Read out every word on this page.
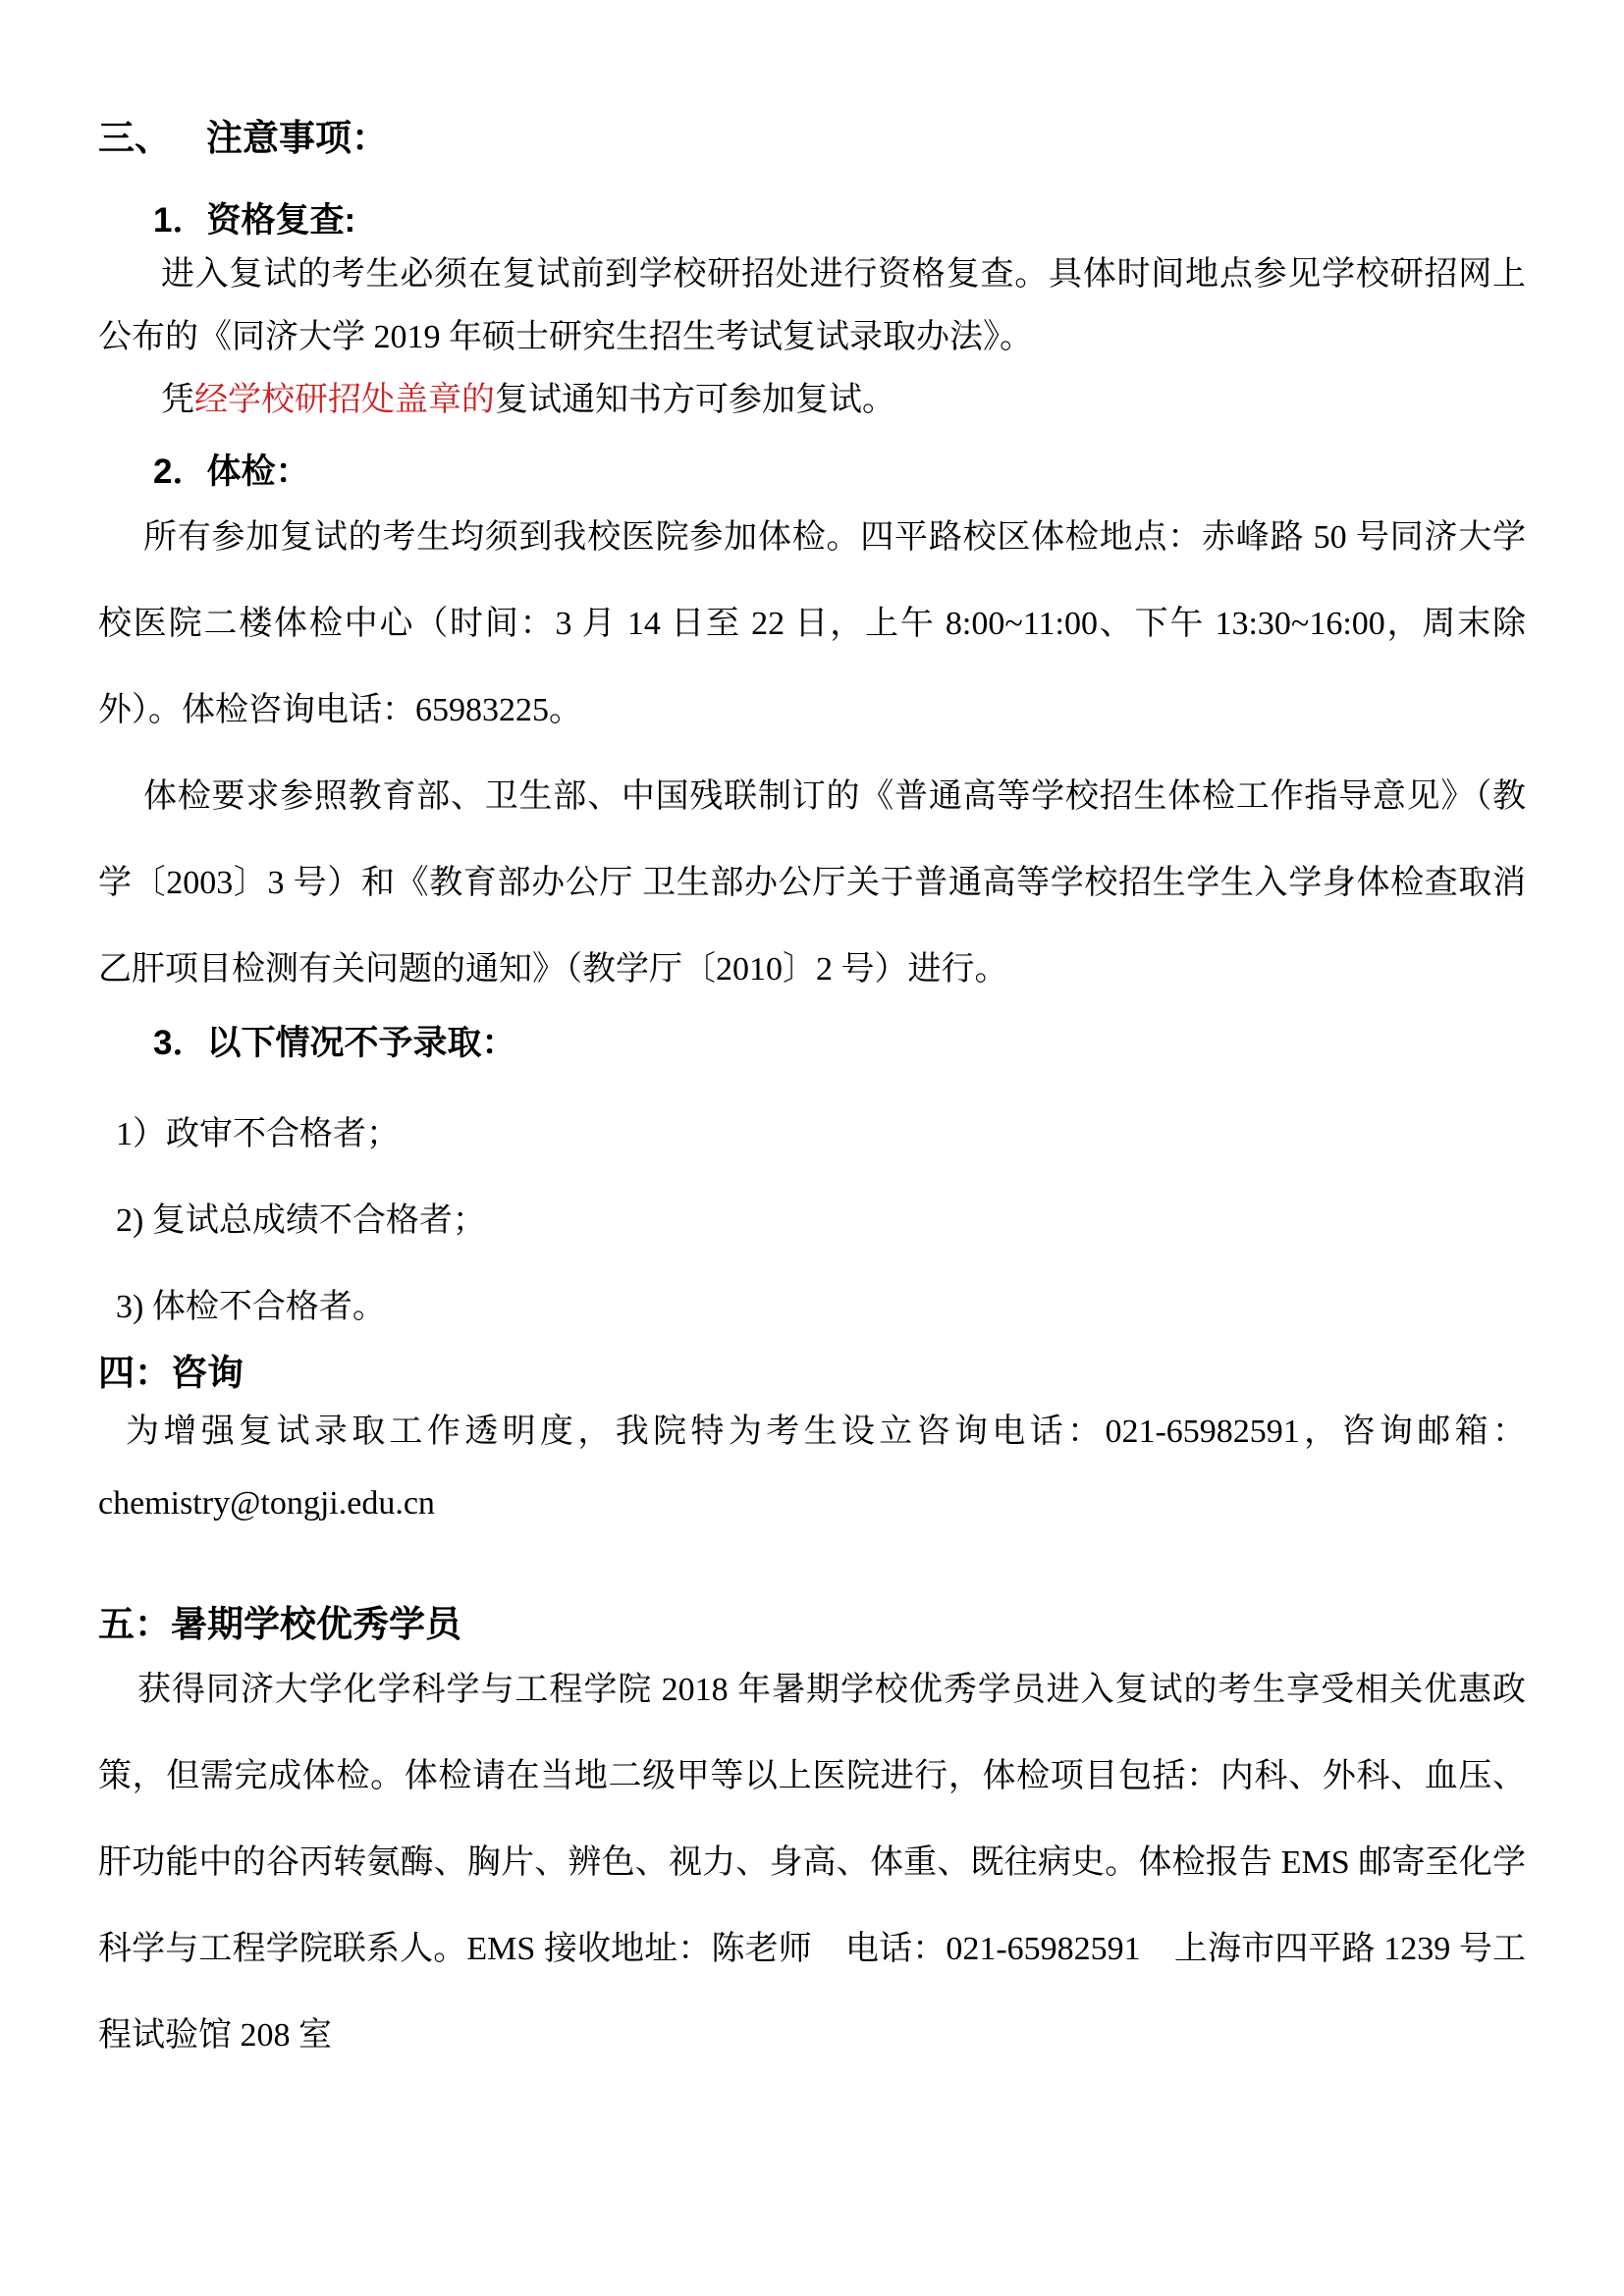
三、 注意事项：
1．资格复查:

进入复试的考生必须在复试前到学校研招处进行资格复查。具体时间地点参见学校研招网上公布的《同济大学 2019 年硕士研究生招生考试复试录取办法》。

凭经学校研招处盖章的复试通知书方可参加复试。

2．体检：

所有参加复试的考生均须到我校医院参加体检。四平路校区体检地点：赤峰路 50 号同济大学校医院二楼体检中心（时间：3 月 14 日至 22 日，上午 8:00~11:00、下午 13:30~16:00，周末除外）。体检咨询电话：65983225。

体检要求参照教育部、卫生部、中国残联制订的《普通高等学校招生体检工作指导意见》（教学〔2003〕3 号）和《教育部办公厅 卫生部办公厅关于普通高等学校招生学生入学身体检查取消乙肝项目检测有关问题的通知》（教学厅〔2010〕2 号）进行。

3．以下情况不予录取：
1）政审不合格者；
2) 复试总成绩不合格者；
3) 体检不合格者。
四：咨询

为增强复试录取工作透明度，我院特为考生设立咨询电话：021-65982591，咨询邮箱：chemistry@tongji.edu.cn

五：暑期学校优秀学员

获得同济大学化学科学与工程学院 2018 年暑期学校优秀学员进入复试的考生享受相关优惠政策，但需完成体检。体检请在当地二级甲等以上医院进行，体检项目包括：内科、外科、血压、肝功能中的谷丙转氨酶、胸片、辨色、视力、身高、体重、既往病史。体检报告 EMS 邮寄至化学科学与工程学院联系人。EMS 接收地址：陈老师　电话：021-65982591　上海市四平路 1239 号工程试验馆 208 室
